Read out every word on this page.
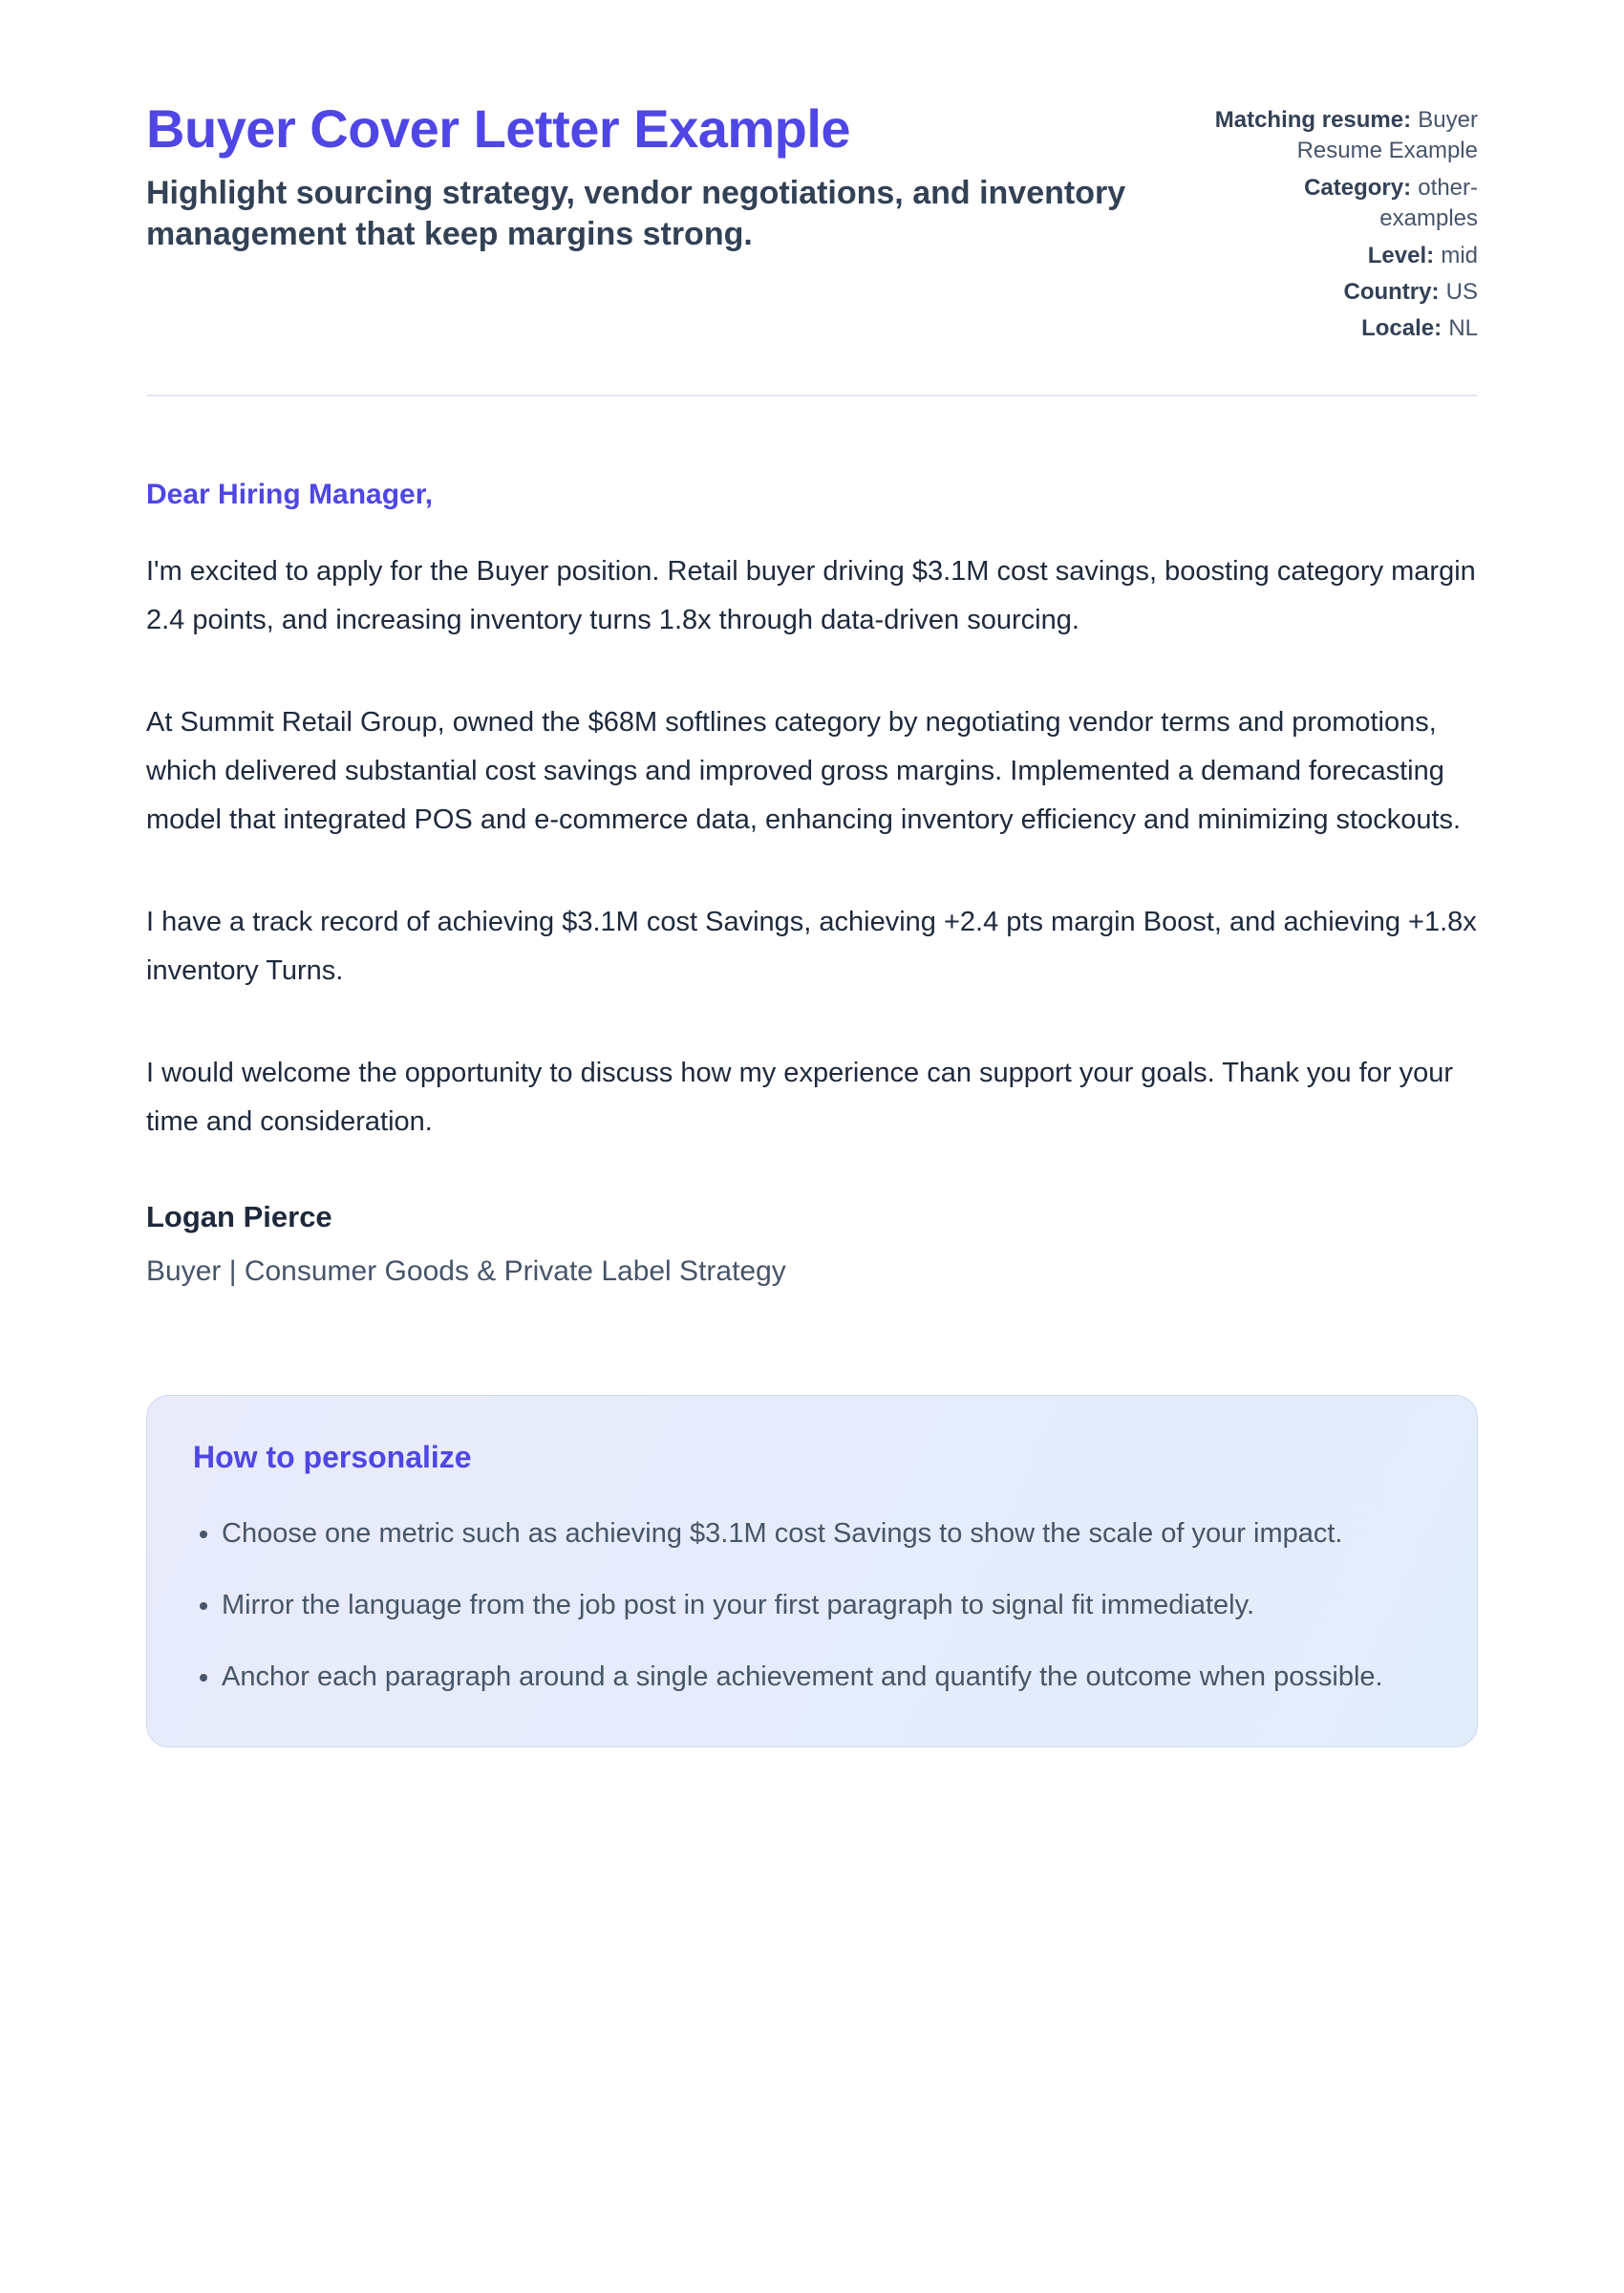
Buyer Cover Letter Example

Highlight sourcing strategy, vendor negotiations, and inventory management that keep margins strong.

Matching resume: Buyer Resume Example
Category: other-examples
Level: mid
Country: US
Locale: NL
Dear Hiring Manager,

I'm excited to apply for the Buyer position. Retail buyer driving $3.1M cost savings, boosting category margin 2.4 points, and increasing inventory turns 1.8x through data-driven sourcing.

At Summit Retail Group, owned the $68M softlines category by negotiating vendor terms and promotions, which delivered substantial cost savings and improved gross margins. Implemented a demand forecasting model that integrated POS and e-commerce data, enhancing inventory efficiency and minimizing stockouts.

I have a track record of achieving $3.1M cost Savings, achieving +2.4 pts margin Boost, and achieving +1.8x inventory Turns.

I would welcome the opportunity to discuss how my experience can support your goals. Thank you for your time and consideration.

Logan Pierce

Buyer | Consumer Goods & Private Label Strategy

How to personalize
• Choose one metric such as achieving $3.1M cost Savings to show the scale of your impact.
• Mirror the language from the job post in your first paragraph to signal fit immediately.
• Anchor each paragraph around a single achievement and quantify the outcome when possible.
